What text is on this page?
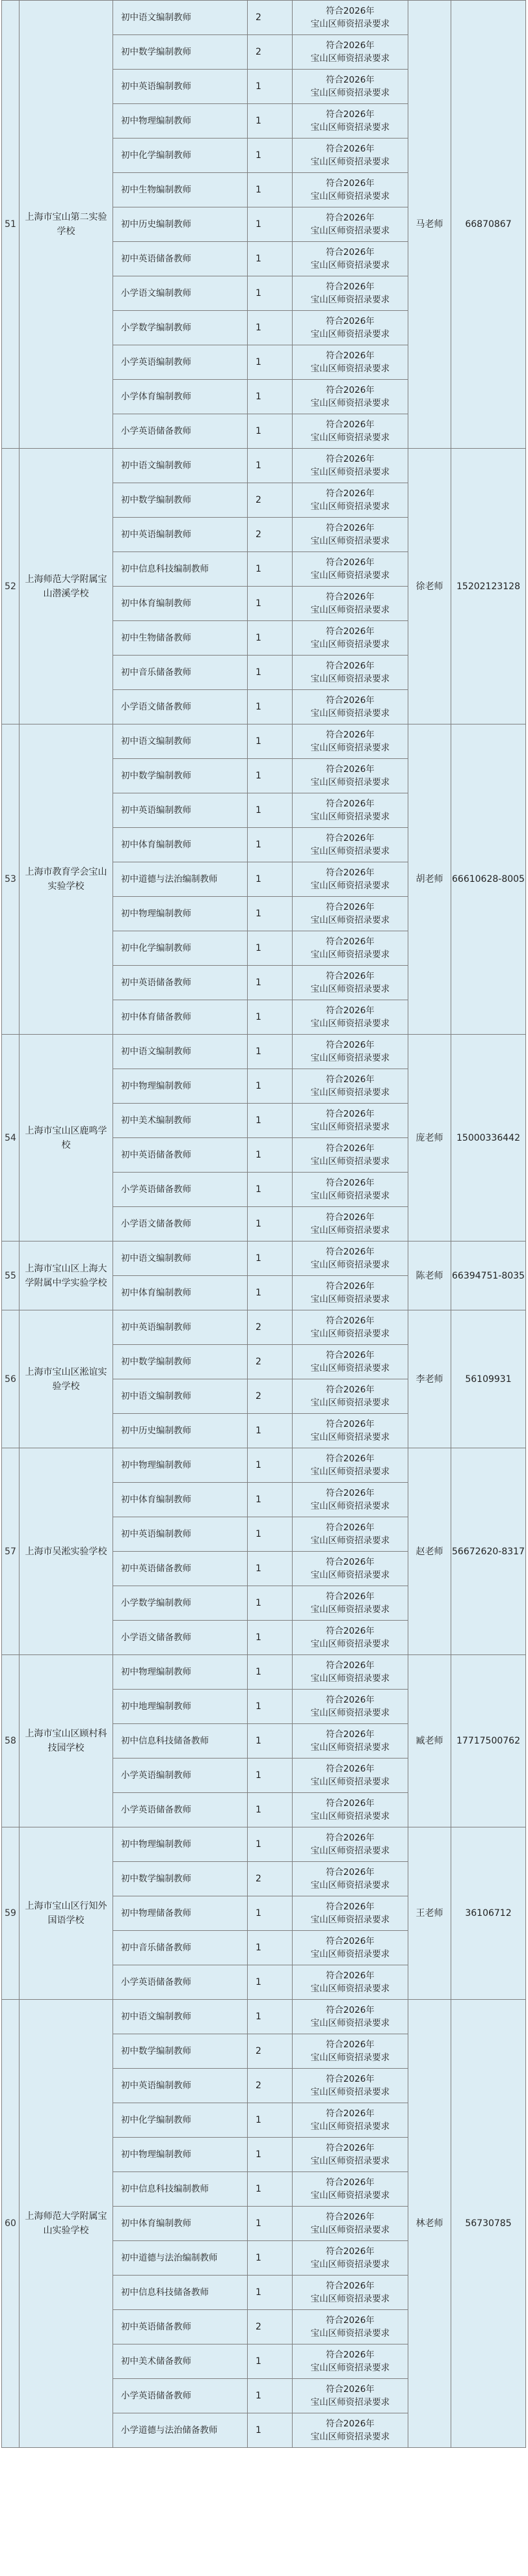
51	上海市宝山第二实验学校	初中语文编制教师	2	符合2026年
宝山区师资招录要求	马老师	66870867
		初中数学编制教师	2	符合2026年
宝山区师资招录要求		

		初中英语编制教师	1	符合2026年
宝山区师资招录要求		

		初中物理编制教师	1	符合2026年
宝山区师资招录要求		

		初中化学编制教师	1	符合2026年
宝山区师资招录要求		

		初中生物编制教师	1	符合2026年
宝山区师资招录要求		

		初中历史编制教师	1	符合2026年
宝山区师资招录要求		

		初中英语储备教师	1	符合2026年
宝山区师资招录要求		

		小学语文编制教师	1	符合2026年
宝山区师资招录要求		

		小学数学编制教师	1	符合2026年
宝山区师资招录要求		

		小学英语编制教师	1	符合2026年
宝山区师资招录要求		

		小学体育编制教师	1	符合2026年
宝山区师资招录要求		

		小学英语储备教师	1	符合2026年
宝山区师资招录要求		

52	上海师范大学附属宝山潜溪学校	初中语文编制教师	1	符合2026年
宝山区师资招录要求	徐老师	15202123128
		初中数学编制教师	2	符合2026年
宝山区师资招录要求		

		初中英语编制教师	2	符合2026年
宝山区师资招录要求		

		初中信息科技编制教师	1	符合2026年
宝山区师资招录要求		

		初中体育编制教师	1	符合2026年
宝山区师资招录要求		

		初中生物储备教师	1	符合2026年
宝山区师资招录要求		

		初中音乐储备教师	1	符合2026年
宝山区师资招录要求		

		小学语文储备教师	1	符合2026年
宝山区师资招录要求		

53	上海市教育学会宝山实验学校	初中语文编制教师	1	符合2026年
宝山区师资招录要求	胡老师	66610628-8005
		初中数学编制教师	1	符合2026年
宝山区师资招录要求		

		初中英语编制教师	1	符合2026年
宝山区师资招录要求		

		初中体育编制教师	1	符合2026年
宝山区师资招录要求		

		初中道德与法治编制教师	1	符合2026年
宝山区师资招录要求		

		初中物理编制教师	1	符合2026年
宝山区师资招录要求		

		初中化学编制教师	1	符合2026年
宝山区师资招录要求		

		初中英语储备教师	1	符合2026年
宝山区师资招录要求		

		初中体育储备教师	1	符合2026年
宝山区师资招录要求		

54	上海市宝山区鹿鸣学校	初中语文编制教师	1	符合2026年
宝山区师资招录要求	庞老师	15000336442
		初中物理编制教师	1	符合2026年
宝山区师资招录要求		

		初中美术编制教师	1	符合2026年
宝山区师资招录要求		

		初中英语储备教师	1	符合2026年
宝山区师资招录要求		

		小学英语储备教师	1	符合2026年
宝山区师资招录要求		

		小学语文储备教师	1	符合2026年
宝山区师资招录要求		

55	上海市宝山区上海大学附属中学实验学校	初中语文编制教师	1	符合2026年
宝山区师资招录要求	陈老师	66394751-8035
		初中体育编制教师	1	符合2026年
宝山区师资招录要求		

56	上海市宝山区淞谊实验学校	初中英语编制教师	2	符合2026年
宝山区师资招录要求	李老师	56109931
		初中数学编制教师	2	符合2026年
宝山区师资招录要求		

		初中语文编制教师	2	符合2026年
宝山区师资招录要求		

		初中历史编制教师	1	符合2026年
宝山区师资招录要求		

57	上海市吴淞实验学校	初中物理编制教师	1	符合2026年
宝山区师资招录要求	赵老师	56672620-8317
		初中体育编制教师	1	符合2026年
宝山区师资招录要求		

		初中英语编制教师	1	符合2026年
宝山区师资招录要求		

		初中英语储备教师	1	符合2026年
宝山区师资招录要求		

		小学数学编制教师	1	符合2026年
宝山区师资招录要求		

		小学语文储备教师	1	符合2026年
宝山区师资招录要求		

58	上海市宝山区顾村科技园学校	初中物理编制教师	1	符合2026年
宝山区师资招录要求	臧老师	17717500762
		初中地理编制教师	1	符合2026年
宝山区师资招录要求		

		初中信息科技储备教师	1	符合2026年
宝山区师资招录要求		

		小学英语编制教师	1	符合2026年
宝山区师资招录要求		

		小学英语储备教师	1	符合2026年
宝山区师资招录要求		

59	上海市宝山区行知外国语学校	初中物理编制教师	1	符合2026年
宝山区师资招录要求	王老师	36106712
		初中数学编制教师	2	符合2026年
宝山区师资招录要求		

		初中物理储备教师	1	符合2026年
宝山区师资招录要求		

		初中音乐储备教师	1	符合2026年
宝山区师资招录要求		

		小学英语储备教师	1	符合2026年
宝山区师资招录要求		

60	上海师范大学附属宝山实验学校	初中语文编制教师	1	符合2026年
宝山区师资招录要求	林老师	56730785
		初中数学编制教师	2	符合2026年
宝山区师资招录要求		

		初中英语编制教师	2	符合2026年
宝山区师资招录要求		

		初中化学编制教师	1	符合2026年
宝山区师资招录要求		

		初中物理编制教师	1	符合2026年
宝山区师资招录要求		

		初中信息科技编制教师	1	符合2026年
宝山区师资招录要求		

		初中体育编制教师	1	符合2026年
宝山区师资招录要求		

		初中道德与法治编制教师	1	符合2026年
宝山区师资招录要求		

		初中信息科技储备教师	1	符合2026年
宝山区师资招录要求		

		初中英语储备教师	2	符合2026年
宝山区师资招录要求		

		初中美术储备教师	1	符合2026年
宝山区师资招录要求		

		小学英语储备教师	1	符合2026年
宝山区师资招录要求		

		小学道德与法治储备教师	1	符合2026年
宝山区师资招录要求		
